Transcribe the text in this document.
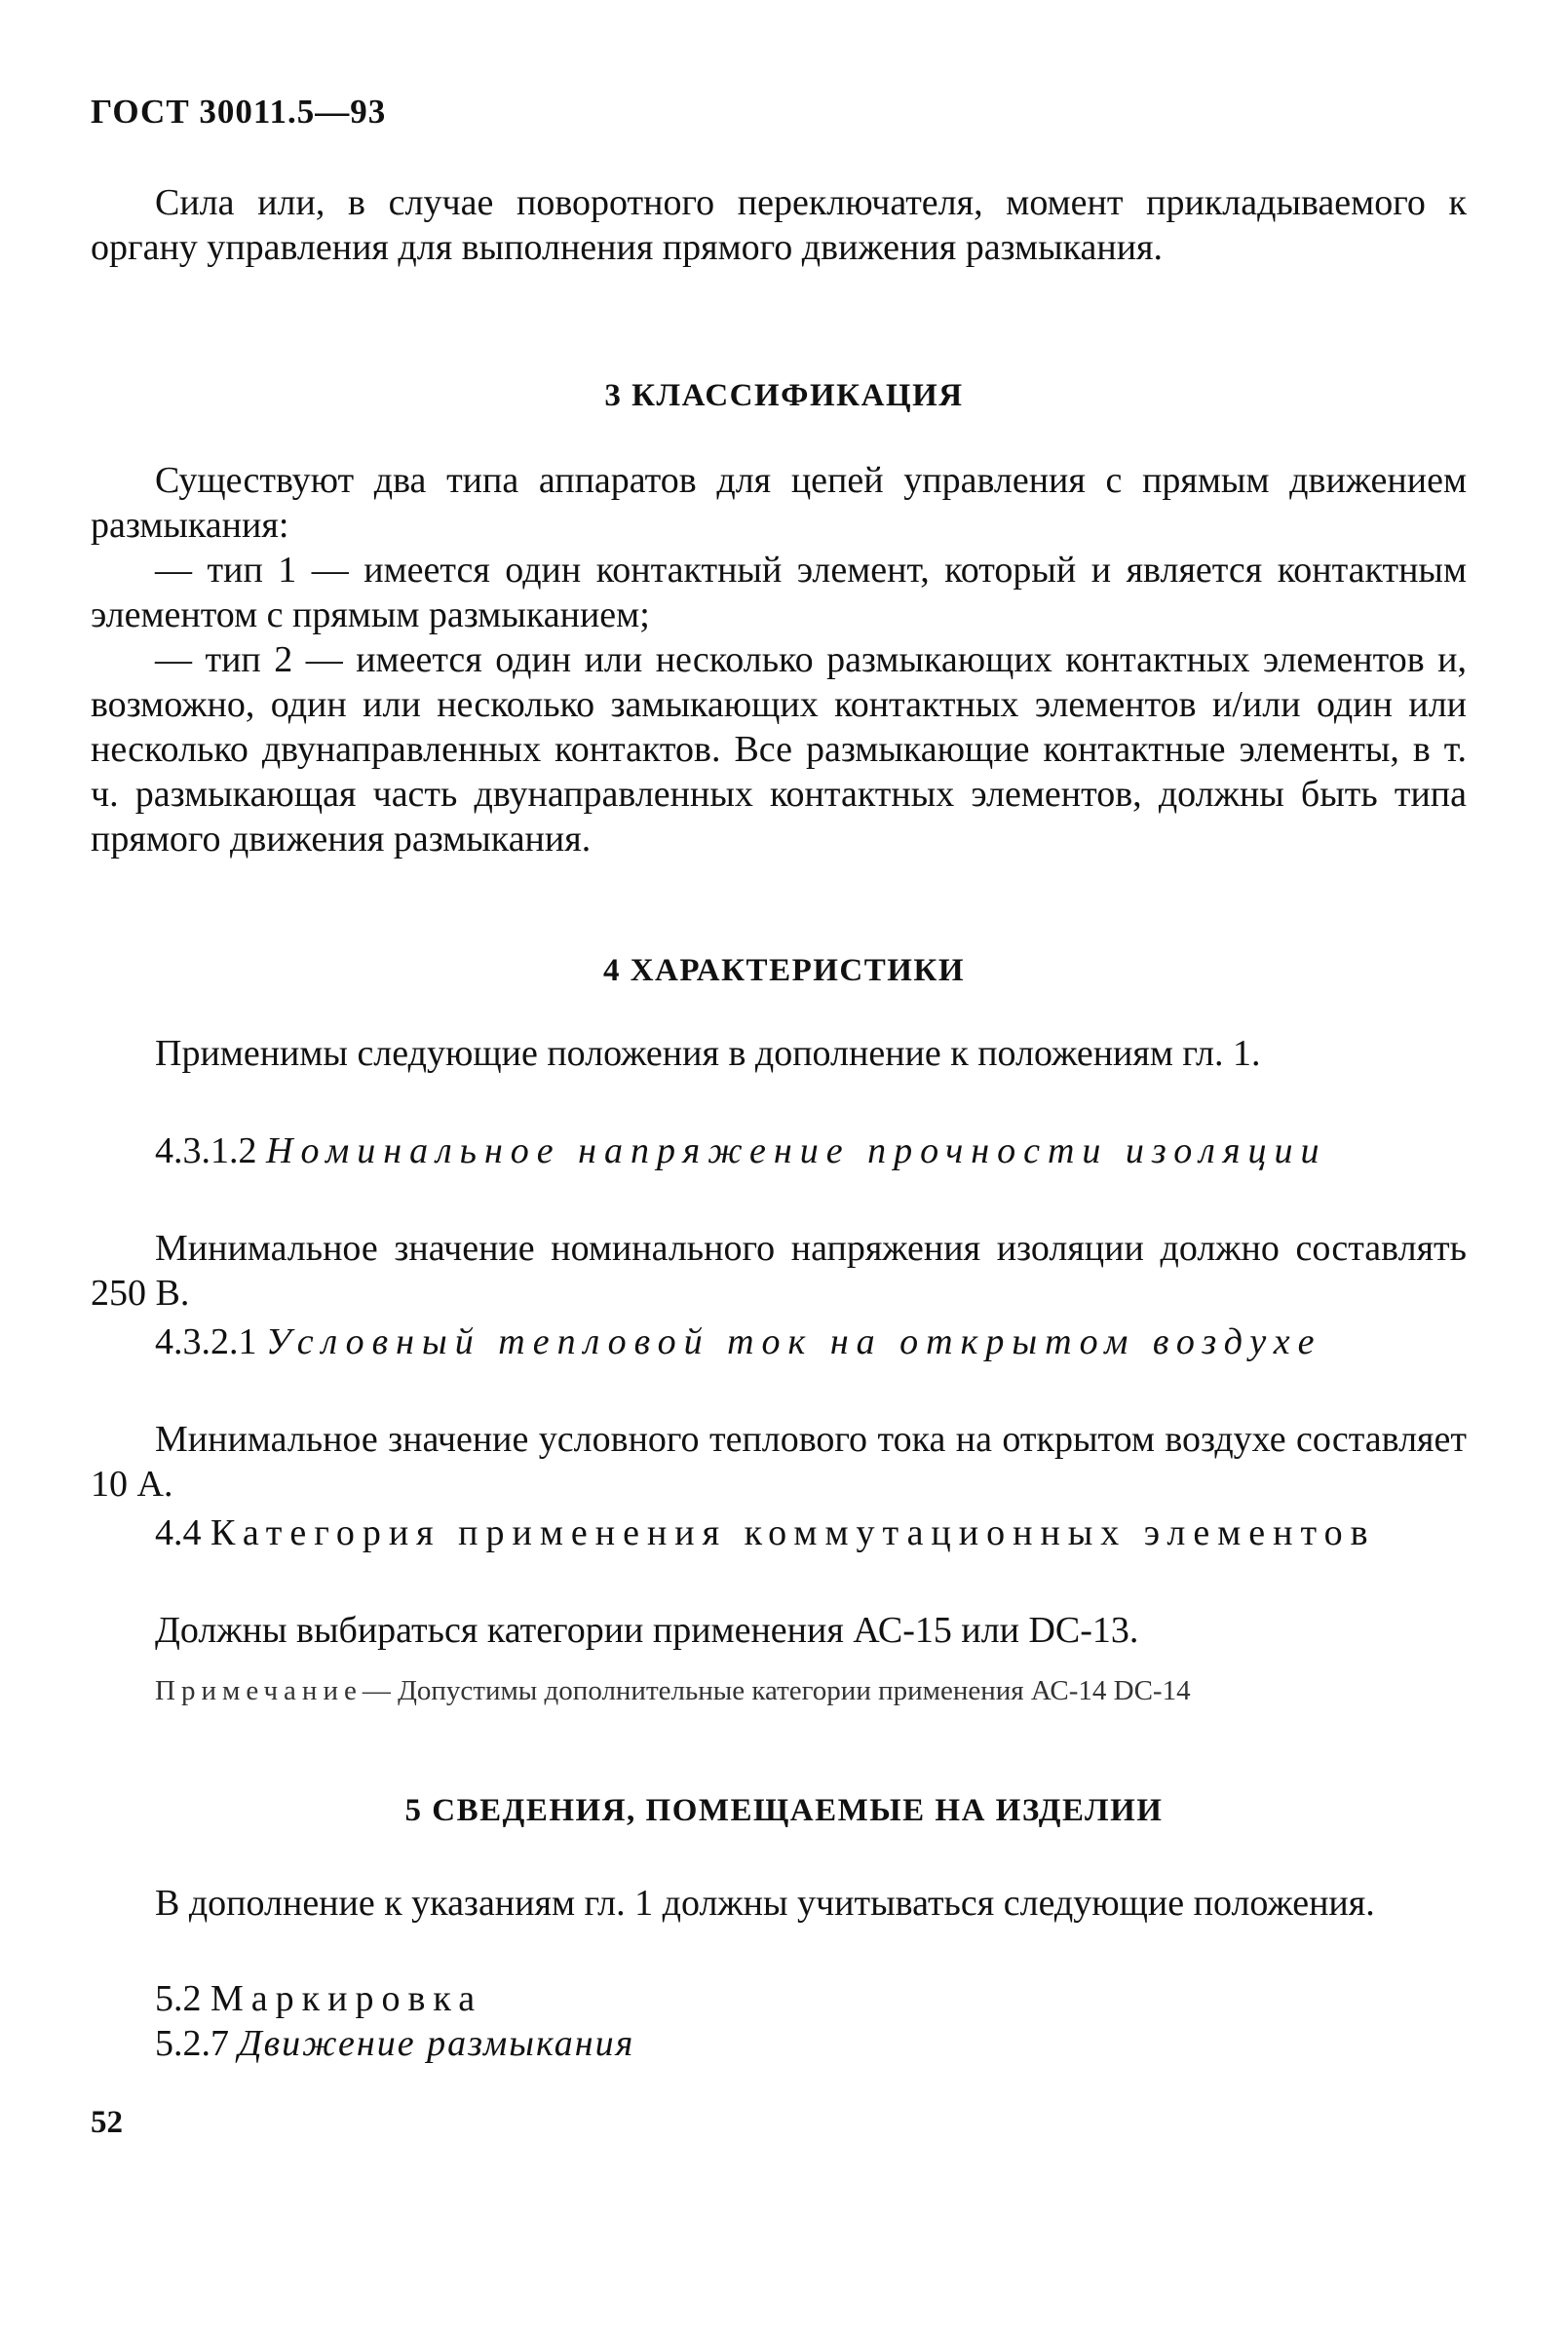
ГОСТ 30011.5—93
Сила или, в случае поворотного переключателя, момент прикладываемого к органу управления для выполнения прямого движения размыкания.
3 КЛАССИФИКАЦИЯ
Существуют два типа аппаратов для цепей управления с прямым движением размыкания:
— тип 1 — имеется один контактный элемент, который и является контактным элементом с прямым размыканием;
— тип 2 — имеется один или несколько размыкающих контактных элементов и, возможно, один или несколько замыкающих контактных элементов и/или один или несколько двунаправленных контактов. Все размыкающие контактные элементы, в т. ч. размыкающая часть двунаправленных контактных элементов, должны быть типа прямого движения размыкания.
4 ХАРАКТЕРИСТИКИ
Применимы следующие положения в дополнение к положениям гл. 1.
4.3.1.2 Номинальное напряжение прочности изоляции
Минимальное значение номинального напряжения изоляции должно составлять 250 В.
4.3.2.1 Условный тепловой ток на открытом воздухе
Минимальное значение условного теплового тока на открытом воздухе составляет 10 А.
4.4 Категория применения коммутационных элементов
Должны выбираться категории применения АС-15 или DС-13.
Примечание— Допустимы дополнительные категории применения АС-14 DС-14
5 СВЕДЕНИЯ, ПОМЕЩАЕМЫЕ НА ИЗДЕЛИИ
В дополнение к указаниям гл. 1 должны учитываться следующие положения.
5.2 Маркировка
5.2.7 Движение размыкания
52
